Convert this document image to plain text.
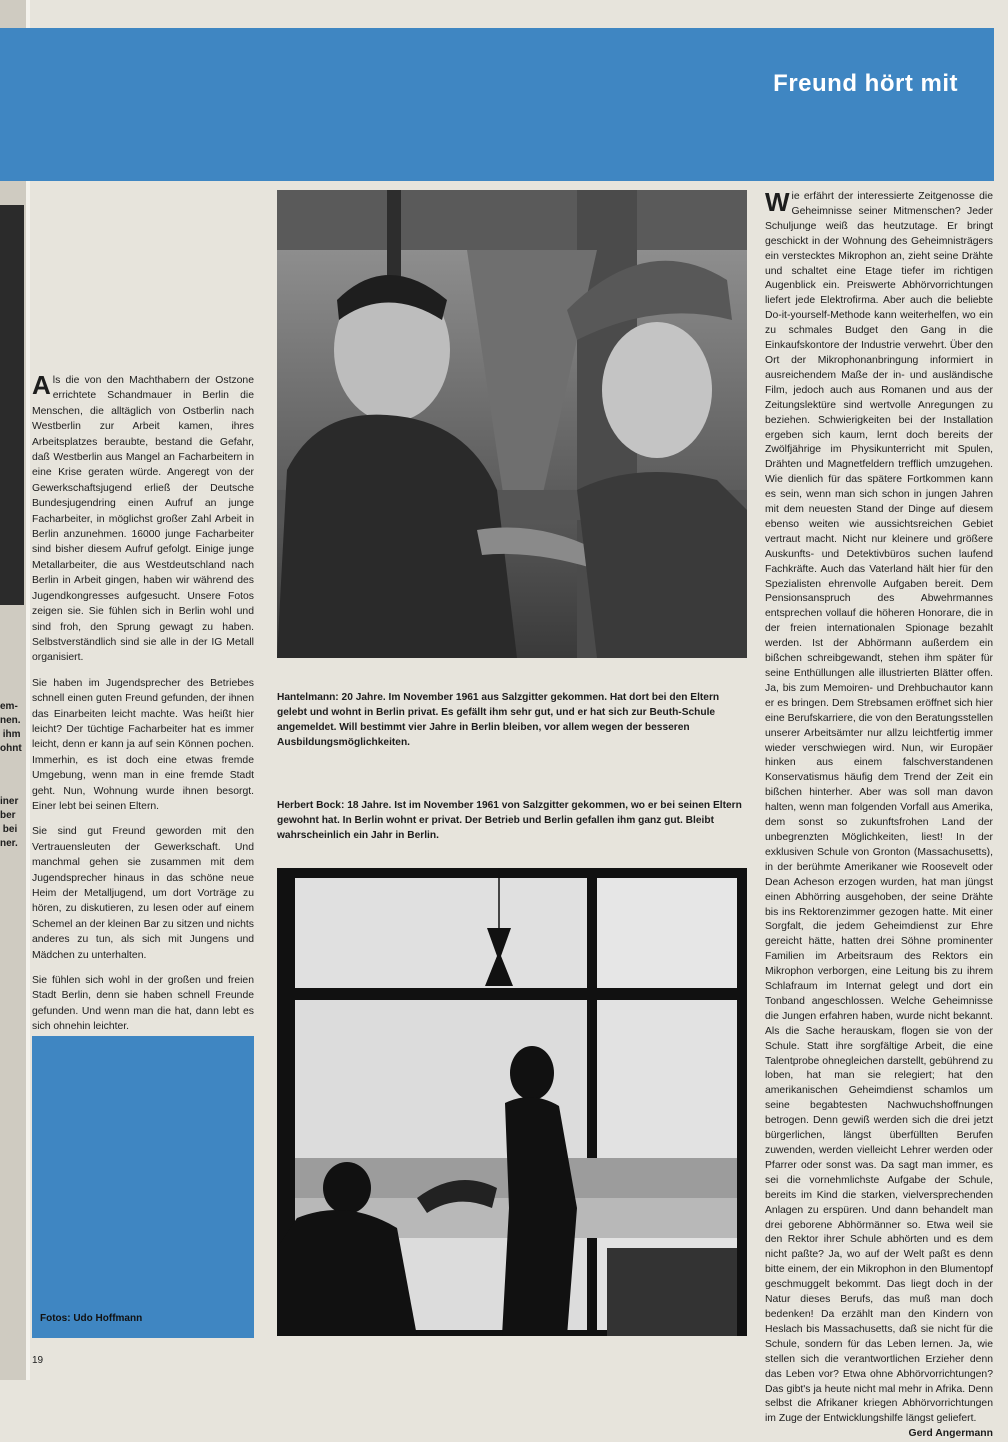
em-
nen.
ihm
ohnt
iner
ber
bei
ner.
Freund hört mit

Als die von den Machthabern der Ostzone errichtete Schandmauer in Berlin die Menschen, die alltäglich von Ostberlin nach Westberlin zur Arbeit kamen, ihres Arbeitsplatzes beraubte, bestand die Gefahr, daß Westberlin aus Mangel an Facharbeitern in eine Krise geraten würde. Angeregt von der Gewerkschaftsjugend erließ der Deutsche Bundesjugendring einen Aufruf an junge Facharbeiter, in möglichst großer Zahl Arbeit in Berlin anzunehmen. 16000 junge Facharbeiter sind bisher diesem Aufruf gefolgt. Einige junge Metallarbeiter, die aus Westdeutschland nach Berlin in Arbeit gingen, haben wir während des Jugendkongresses aufgesucht. Unsere Fotos zeigen sie. Sie fühlen sich in Berlin wohl und sind froh, den Sprung gewagt zu haben. Selbstverständlich sind sie alle in der IG Metall organisiert.

Sie haben im Jugendsprecher des Betriebes schnell einen guten Freund gefunden, der ihnen das Einarbeiten leicht machte. Was heißt hier leicht? Der tüchtige Facharbeiter hat es immer leicht, denn er kann ja auf sein Können pochen. Immerhin, es ist doch eine etwas fremde Umgebung, wenn man in eine fremde Stadt geht. Nun, Wohnung wurde ihnen besorgt. Einer lebt bei seinen Eltern.

Sie sind gut Freund geworden mit den Vertrauensleuten der Gewerkschaft. Und manchmal gehen sie zusammen mit dem Jugendsprecher hinaus in das schöne neue Heim der Metalljugend, um dort Vorträge zu hören, zu diskutieren, zu lesen oder auf einem Schemel an der kleinen Bar zu sitzen und nichts anderes zu tun, als sich mit Jungens und Mädchen zu unterhalten.

Sie fühlen sich wohl in der großen und freien Stadt Berlin, denn sie haben schnell Freunde gefunden. Und wenn man die hat, dann lebt es sich ohnehin leichter.

Fotos: Udo Hoffmann
Hantelmann: 20 Jahre. Im November 1961 aus Salzgitter gekommen. Hat dort bei den Eltern gelebt und wohnt in Berlin privat. Es gefällt ihm sehr gut, und er hat sich zur Beuth-Schule angemeldet. Will bestimmt vier Jahre in Berlin bleiben, vor allem wegen der besseren Ausbildungsmöglichkeiten.
Herbert Bock: 18 Jahre. Ist im November 1961 von Salzgitter gekommen, wo er bei seinen Eltern gewohnt hat. In Berlin wohnt er privat. Der Betrieb und Berlin gefallen ihm ganz gut. Bleibt wahrscheinlich ein Jahr in Berlin.

Wie erfährt der interessierte Zeitgenosse die Geheimnisse seiner Mitmenschen? Jeder Schuljunge weiß das heutzutage. Er bringt geschickt in der Wohnung des Geheimnisträgers ein verstecktes Mikrophon an, zieht seine Drähte und schaltet eine Etage tiefer im richtigen Augenblick ein. Preiswerte Abhörvorrichtungen liefert jede Elektrofirma. Aber auch die beliebte Do-it-yourself-Methode kann weiterhelfen, wo ein zu schmales Budget den Gang in die Einkaufskontore der Industrie verwehrt. Über den Ort der Mikrophonanbringung informiert in ausreichendem Maße der in- und ausländische Film, jedoch auch aus Romanen und aus der Zeitungslektüre sind wertvolle Anregungen zu beziehen. Schwierigkeiten bei der Installation ergeben sich kaum, lernt doch bereits der Zwölfjährige im Physikunterricht mit Spulen, Drähten und Magnetfeldern trefflich umzugehen. Wie dienlich für das spätere Fortkommen kann es sein, wenn man sich schon in jungen Jahren mit dem neuesten Stand der Dinge auf diesem ebenso weiten wie aussichtsreichen Gebiet vertraut macht. Nicht nur kleinere und größere Auskunfts- und Detektivbüros suchen laufend Fachkräfte. Auch das Vaterland hält hier für den Spezialisten ehrenvolle Aufgaben bereit. Dem Pensionsanspruch des Abwehrmannes entsprechen vollauf die höheren Honorare, die in der freien internationalen Spionage bezahlt werden. Ist der Abhörmann außerdem ein bißchen schreibgewandt, stehen ihm später für seine Enthüllungen alle illustrierten Blätter offen. Ja, bis zum Memoiren- und Drehbuchautor kann er es bringen. Dem Strebsamen eröffnet sich hier eine Berufskarriere, die von den Beratungsstellen unserer Arbeitsämter nur allzu leichtfertig immer wieder verschwiegen wird. Nun, wir Europäer hinken aus einem falschverstandenen Konservatismus häufig dem Trend der Zeit ein bißchen hinterher. Aber was soll man davon halten, wenn man folgenden Vorfall aus Amerika, dem sonst so zukunftsfrohen Land der unbegrenzten Möglichkeiten, liest! In der exklusiven Schule von Gronton (Massachusetts), in der berühmte Amerikaner wie Roosevelt oder Dean Acheson erzogen wurden, hat man jüngst einen Abhörring ausgehoben, der seine Drähte bis ins Rektorenzimmer gezogen hatte. Mit einer Sorgfalt, die jedem Geheimdienst zur Ehre gereicht hätte, hatten drei Söhne prominenter Familien im Arbeitsraum des Rektors ein Mikrophon verborgen, eine Leitung bis zu ihrem Schlafraum im Internat gelegt und dort ein Tonband angeschlossen. Welche Geheimnisse die Jungen erfahren haben, wurde nicht bekannt. Als die Sache herauskam, flogen sie von der Schule. Statt ihre sorgfältige Arbeit, die eine Talentprobe ohnegleichen darstellt, gebührend zu loben, hat man sie relegiert; hat den amerikanischen Geheimdienst schamlos um seine begabtesten Nachwuchshoffnungen betrogen. Denn gewiß werden sich die drei jetzt bürgerlichen, längst überfüllten Berufen zuwenden, werden vielleicht Lehrer werden oder Pfarrer oder sonst was. Da sagt man immer, es sei die vornehmlichste Aufgabe der Schule, bereits im Kind die starken, vielversprechenden Anlagen zu erspüren. Und dann behandelt man drei geborene Abhörmänner so. Etwa weil sie den Rektor ihrer Schule abhörten und es dem nicht paßte? Ja, wo auf der Welt paßt es denn bitte einem, der ein Mikrophon in den Blumentopf geschmuggelt bekommt. Das liegt doch in der Natur dieses Berufs, das muß man doch bedenken! Da erzählt man den Kindern von Heslach bis Massachusetts, daß sie nicht für die Schule, sondern für das Leben lernen. Ja, wie stellen sich die verantwortlichen Erzieher denn das Leben vor? Etwa ohne Abhörvorrichtungen? Das gibt's ja heute nicht mal mehr in Afrika. Denn selbst die Afrikaner kriegen Abhörvorrichtungen im Zuge der Entwicklungshilfe längst geliefert.
Gerd Angermann

19
